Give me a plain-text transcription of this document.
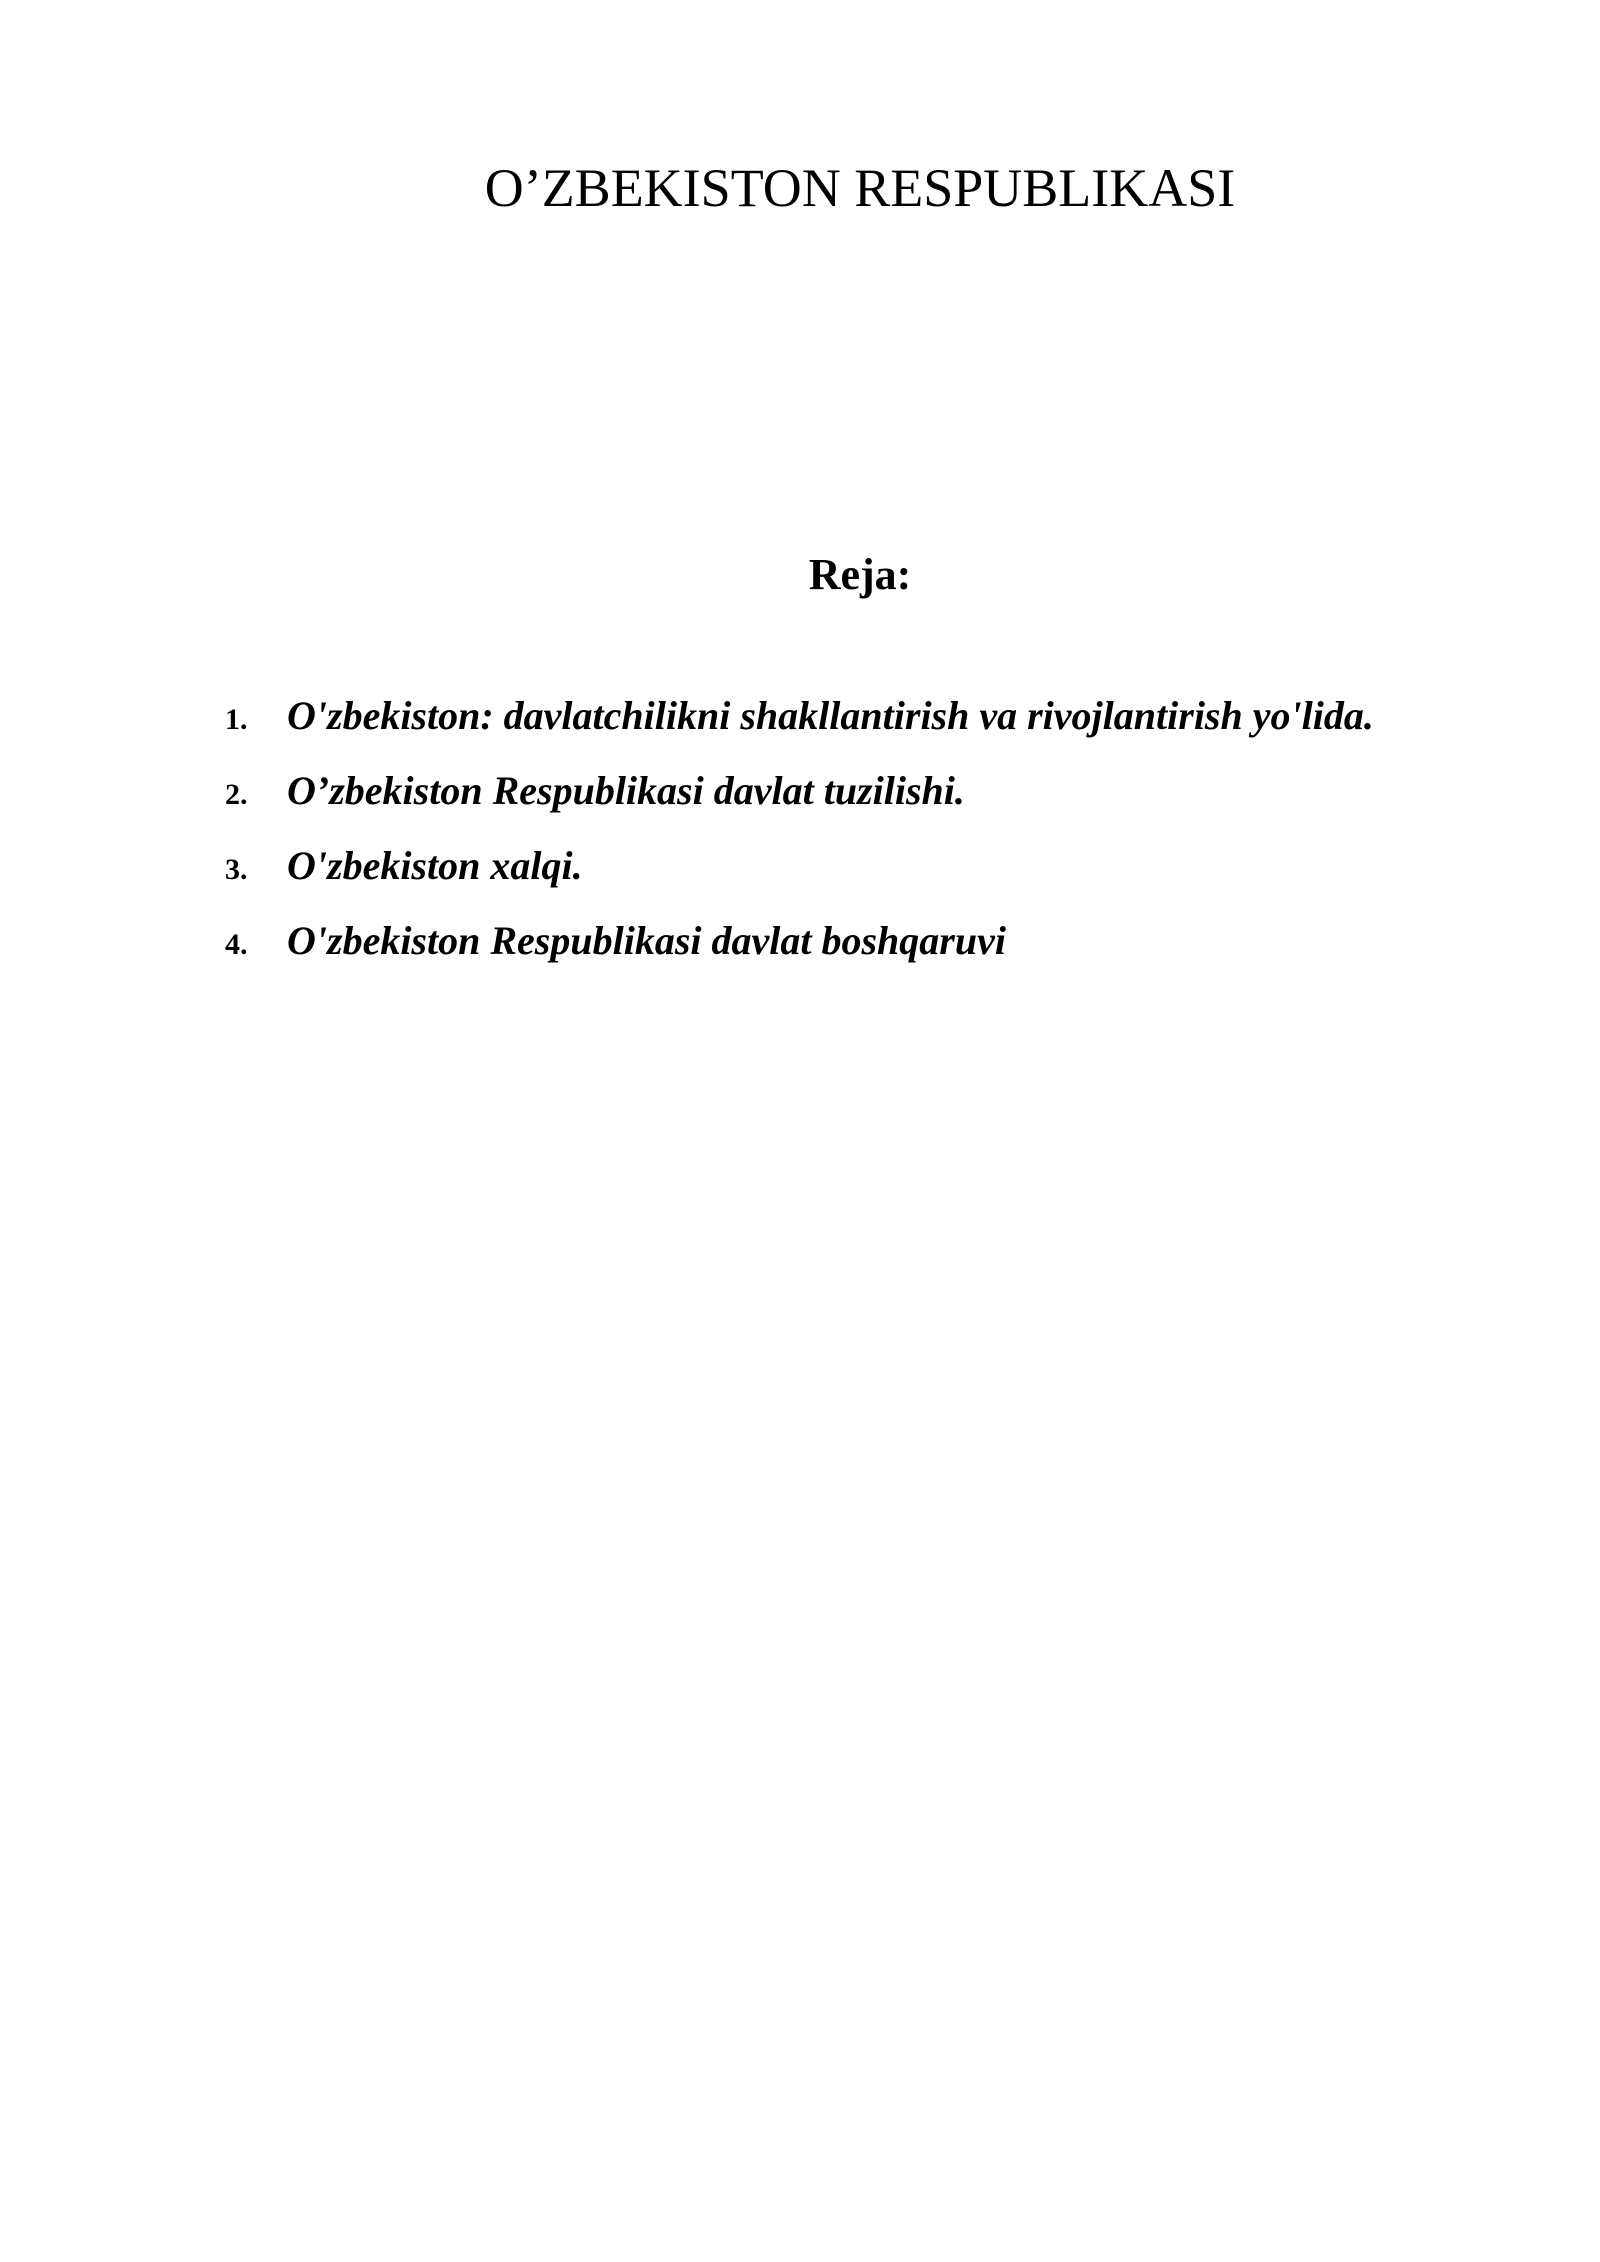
O’ZBEKISTON RESPUBLIKASI
Reja:
1. O'zbekiston: davlatchilikni shakllantirish va rivojlantirish yo'lida.
2. O’zbekiston Respublikasi davlat tuzilishi.
3. O'zbekiston xalqi.
4. O'zbekiston Respublikasi davlat boshqaruvi
